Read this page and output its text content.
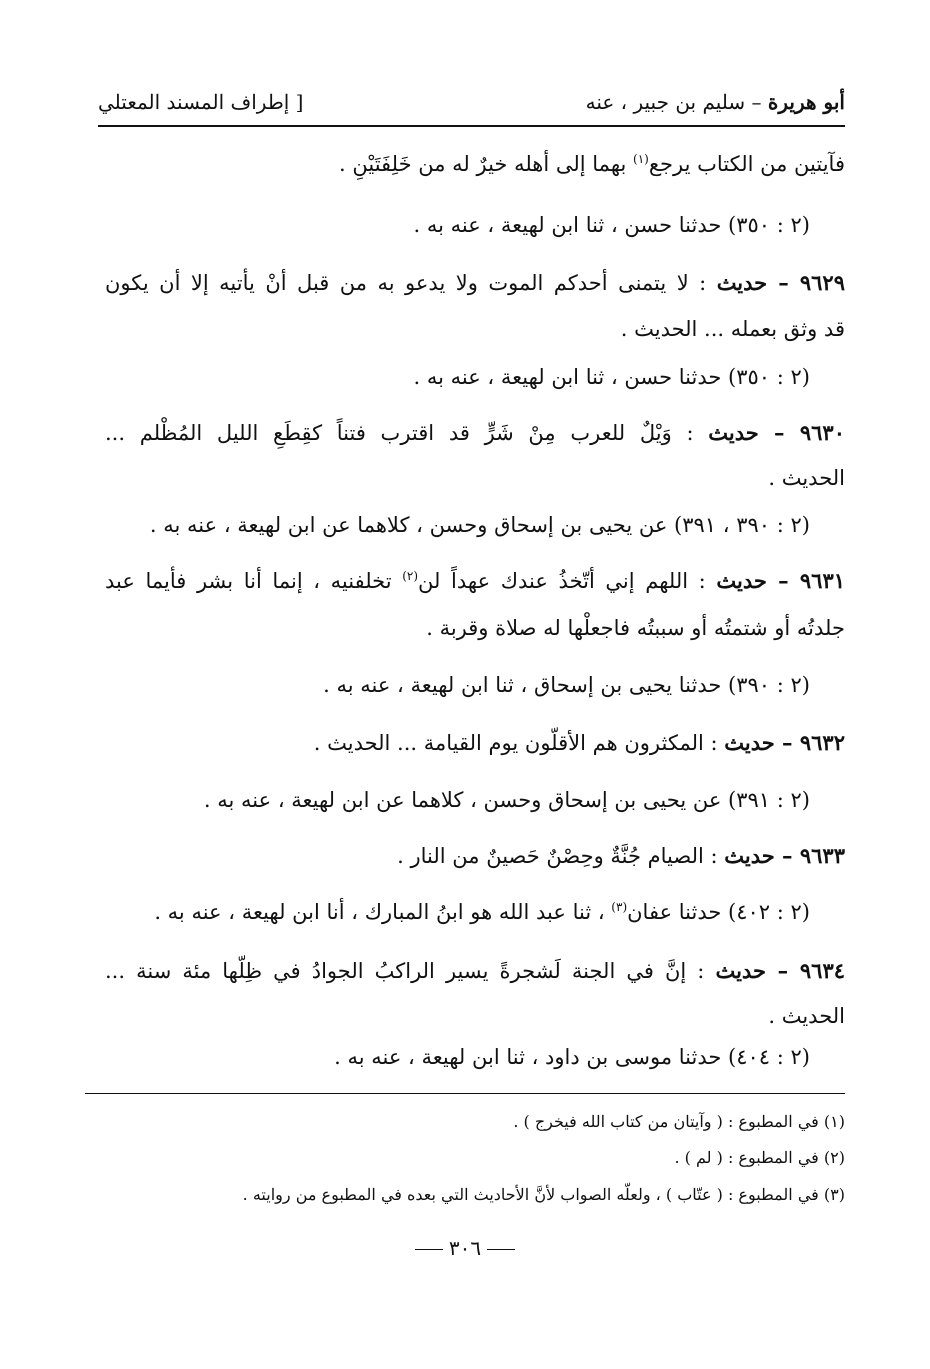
أبو هريرة – سليم بن جبير ، عنه
[ إطراف المسند المعتلي
فآيتين من الكتاب يرجع$^{(١)}$ بهما إلى أهله خيرٌ له من خَلِفَتَيْنِ .
(٢ : ٣٥٠) حدثنا حسن ، ثنا ابن لهيعة ، عنه به .
٩٦٢٩ – حديث : لا يتمنى أحدكم الموت ولا يدعو به من قبل أنْ يأتيه إلا أن يكون
قد وثق بعمله ... الحديث .
(٢ : ٣٥٠) حدثنا حسن ، ثنا ابن لهيعة ، عنه به .
٩٦٣٠ – حديث : وَيْلٌ للعرب مِنْ شَرٍّ قد اقترب فتناً كقِطَعِ الليل المُظْلم ...
الحديث .
(٢ : ٣٩٠ ، ٣٩١) عن يحيى بن إسحاق وحسن ، كلاهما عن ابن لهيعة ، عنه به .
٩٦٣١ – حديث : اللهم إني أتّخذُ عندك عهداً لن$^{(٢)}$ تخلفنيه ، إنما أنا بشر فأيما عبد
جلدتُه أو شتمتُه أو سببتُه فاجعلْها له صلاة وقربة .
(٢ : ٣٩٠) حدثنا يحيى بن إسحاق ، ثنا ابن لهيعة ، عنه به .
٩٦٣٢ – حديث : المكثرون هم الأقلّون يوم القيامة ... الحديث .
(٢ : ٣٩١) عن يحيى بن إسحاق وحسن ، كلاهما عن ابن لهيعة ، عنه به .
٩٦٣٣ – حديث : الصيام جُنَّةٌ وحِصْنٌ حَصينٌ من النار .
(٢ : ٤٠٢) حدثنا عفان$^{(٣)}$ ، ثنا عبد الله هو ابنُ المبارك ، أنا ابن لهيعة ، عنه به .
٩٦٣٤ – حديث : إنَّ في الجنة لَشجرةً يسير الراكبُ الجوادُ في ظِلّها مئة سنة ...
الحديث .
(٢ : ٤٠٤) حدثنا موسى بن داود ، ثنا ابن لهيعة ، عنه به .
(١) في المطبوع : ( وآيتان من كتاب الله فيخرج ) .
(٢) في المطبوع : ( لم ) .
(٣) في المطبوع : ( عتّاب ) ، ولعلّه الصواب لأنَّ الأحاديث التي بعده في المطبوع من روايته .
٣٠٦
